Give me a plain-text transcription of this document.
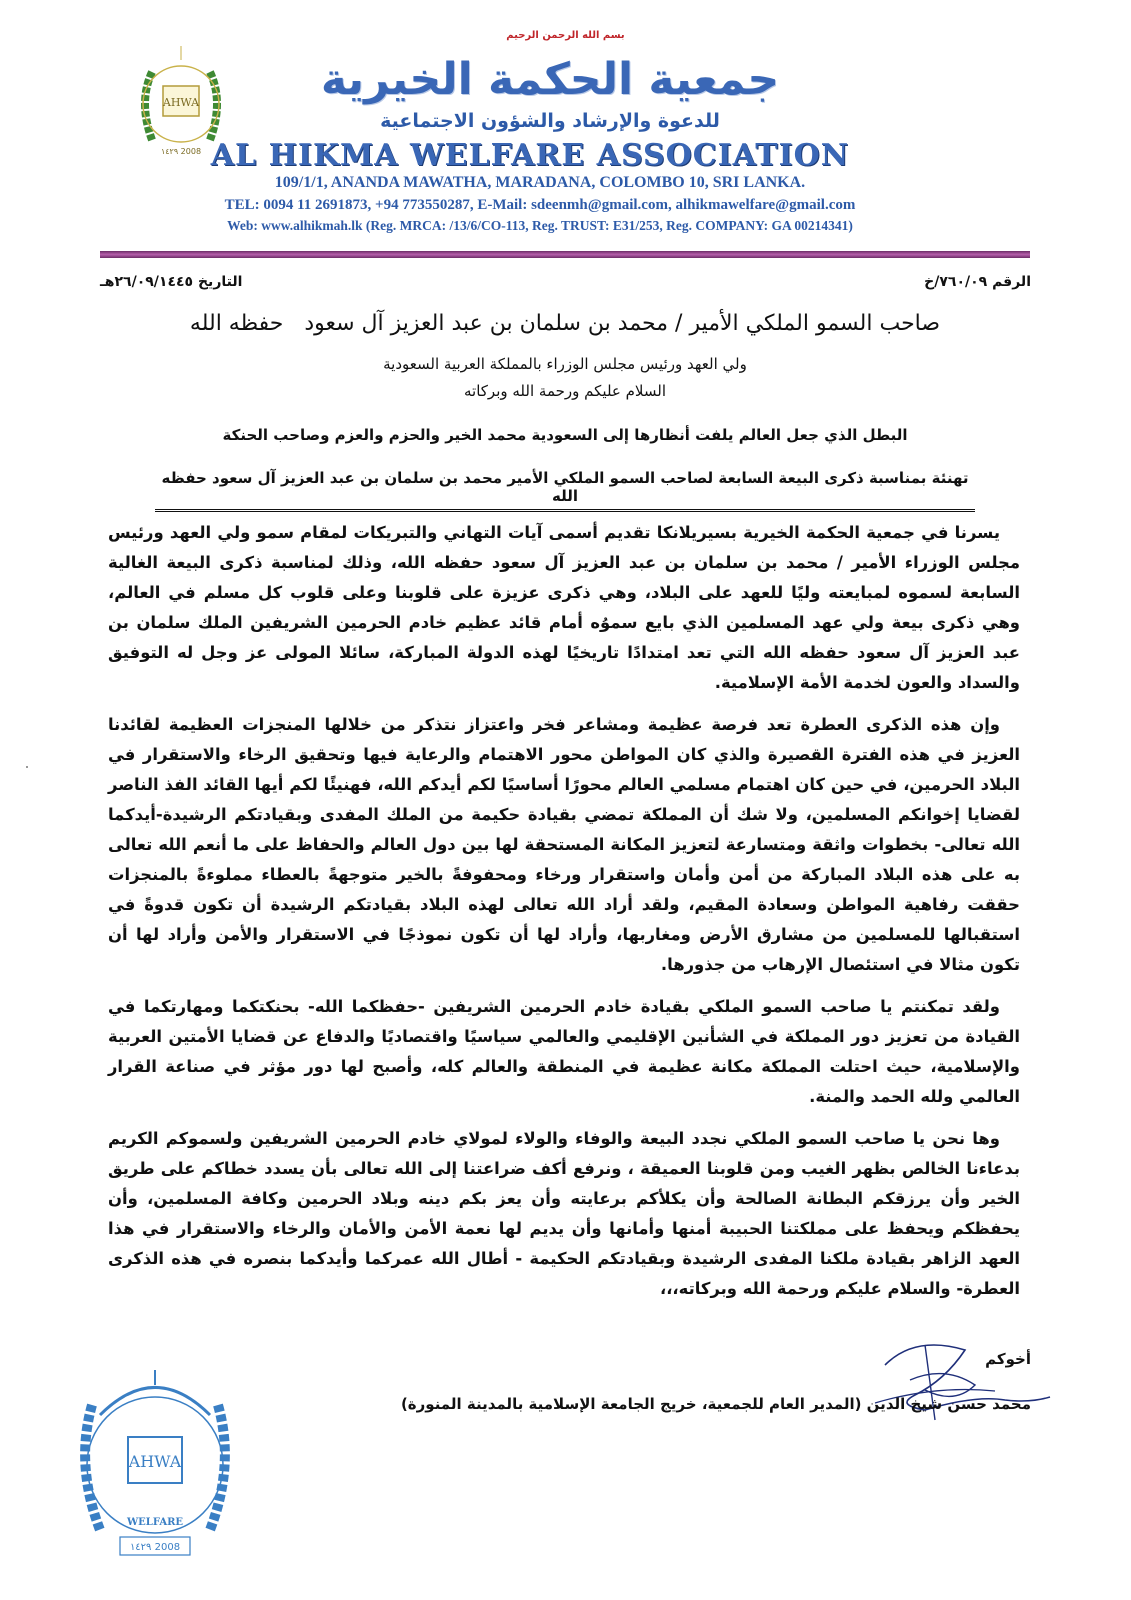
بسم الله الرحمن الرحيم
AHWA
١٤٢٩ 2008
جمعية الحكمة الخيرية
للدعوة والإرشاد والشؤون الاجتماعية
AL HIKMA WELFARE ASSOCIATION
109/1/1, ANANDA MAWATHA, MARADANA, COLOMBO 10, SRI LANKA.
TEL: 0094 11 2691873, +94 773550287, E-Mail: sdeenmh@gmail.com, alhikmawelfare@gmail.com
Web: www.alhikmah.lk (Reg. MRCA: /13/6/CO-113, Reg. TRUST: E31/253, Reg. COMPANY: GA 00214341)
الرقم ٧٦٠/٠٩/خ
التاريخ ٢٦/٠٩/١٤٤٥هـ
صاحب السمو الملكي الأمير / محمد بن سلمان بن عبد العزيز آل سعود   حفظه الله
ولي العهد ورئيس مجلس الوزراء بالمملكة العربية السعودية
السلام عليكم ورحمة الله وبركاته
البطل الذي جعل العالم يلفت أنظارها إلى السعودية محمد الخير والحزم والعزم وصاحب الحنكة
تهنئة بمناسبة ذكرى البيعة السابعة لصاحب السمو الملكي الأمير محمد بن سلمان بن عبد العزيز آل سعود حفظه الله

يسرنا في جمعية الحكمة الخيرية بسيريلانكا تقديم أسمى آيات التهاني والتبريكات لمقام سمو ولي العهد ورئيس مجلس الوزراء الأمير / محمد بن سلمان بن عبد العزيز آل سعود حفظه الله، وذلك لمناسبة ذكرى البيعة الغالية السابعة لسموه لمبايعته وليًا للعهد على البلاد، وهي ذكرى عزيزة على قلوبنا وعلى قلوب كل مسلم في العالم، وهي ذكرى بيعة ولي عهد المسلمين الذي بايع سموُه أمام قائد عظيم خادم الحرمين الشريفين الملك سلمان بن عبد العزيز آل سعود حفظه الله التي تعد امتدادًا تاريخيًا لهذه الدولة المباركة، سائلا المولى عز وجل له التوفيق والسداد والعون لخدمة الأمة الإسلامية.

وإن هذه الذكرى العطرة تعد فرصة عظيمة ومشاعر فخر واعتزاز نتذكر من خلالها المنجزات العظيمة لقائدنا العزيز في هذه الفترة القصيرة والذي كان المواطن محور الاهتمام والرعاية فيها وتحقيق الرخاء والاستقرار في البلاد الحرمين، في حين كان اهتمام مسلمي العالم محورًا أساسيًا لكم أيدكم الله، فهنيئًا لكم أيها القائد الفذ الناصر لقضايا إخوانكم المسلمين، ولا شك أن المملكة تمضي بقيادة حكيمة من الملك المفدى وبقيادتكم الرشيدة-أيدكما الله تعالى- بخطوات واثقة ومتسارعة لتعزيز المكانة المستحقة لها بين دول العالم والحفاظ على ما أنعم الله تعالى به على هذه البلاد المباركة من أمن وأمان واستقرار ورخاء ومحفوفةً بالخير متوجهةً بالعطاء مملوءةً بالمنجزات حققت رفاهية المواطن وسعادة المقيم، ولقد أراد الله تعالى لهذه البلاد بقيادتكم الرشيدة أن تكون قدوةً في استقبالها للمسلمين من مشارق الأرض ومغاربها، وأراد لها أن تكون نموذجًا في الاستقرار والأمن وأراد لها أن تكون مثالا في استئصال الإرهاب من جذورها.

ولقد تمكنتم يا صاحب السمو الملكي بقيادة خادم الحرمين الشريفين -حفظكما الله- بحنكتكما ومهارتكما في القيادة من تعزيز دور المملكة في الشأنين الإقليمي والعالمي سياسيًا واقتصاديًا والدفاع عن قضايا الأمتين العربية والإسلامية، حيث احتلت المملكة مكانة عظيمة في المنطقة والعالم كله، وأصبح لها دور مؤثر في صناعة القرار العالمي ولله الحمد والمنة.

وها نحن يا صاحب السمو الملكي نجدد البيعة والوفاء والولاء لمولاي خادم الحرمين الشريفين ولسموكم الكريم بدعاءنا الخالص بظهر الغيب ومن قلوبنا العميقة ، ونرفع أكف ضراعتنا إلى الله تعالى بأن يسدد خطاكم على طريق الخير وأن يرزقكم البطانة الصالحة وأن يكلأكم برعايته وأن يعز بكم دينه وبلاد الحرمين وكافة المسلمين، وأن يحفظكم ويحفظ على مملكتنا الحبيبة أمنها وأمانها وأن يديم لها نعمة الأمن والأمان والرخاء والاستقرار في هذا العهد الزاهر بقيادة ملكنا المفدى الرشيدة وبقيادتكم الحكيمة - أطال الله عمركما وأيدكما بنصره في هذه الذكرى العطرة- والسلام عليكم ورحمة الله وبركاته،،،

أخوكم
محمد حسن شيخ الدين (المدير العام للجمعية، خريج الجامعة الإسلامية بالمدينة المنورة)
AHWA
WELFARE
١٤٢٩ 2008
